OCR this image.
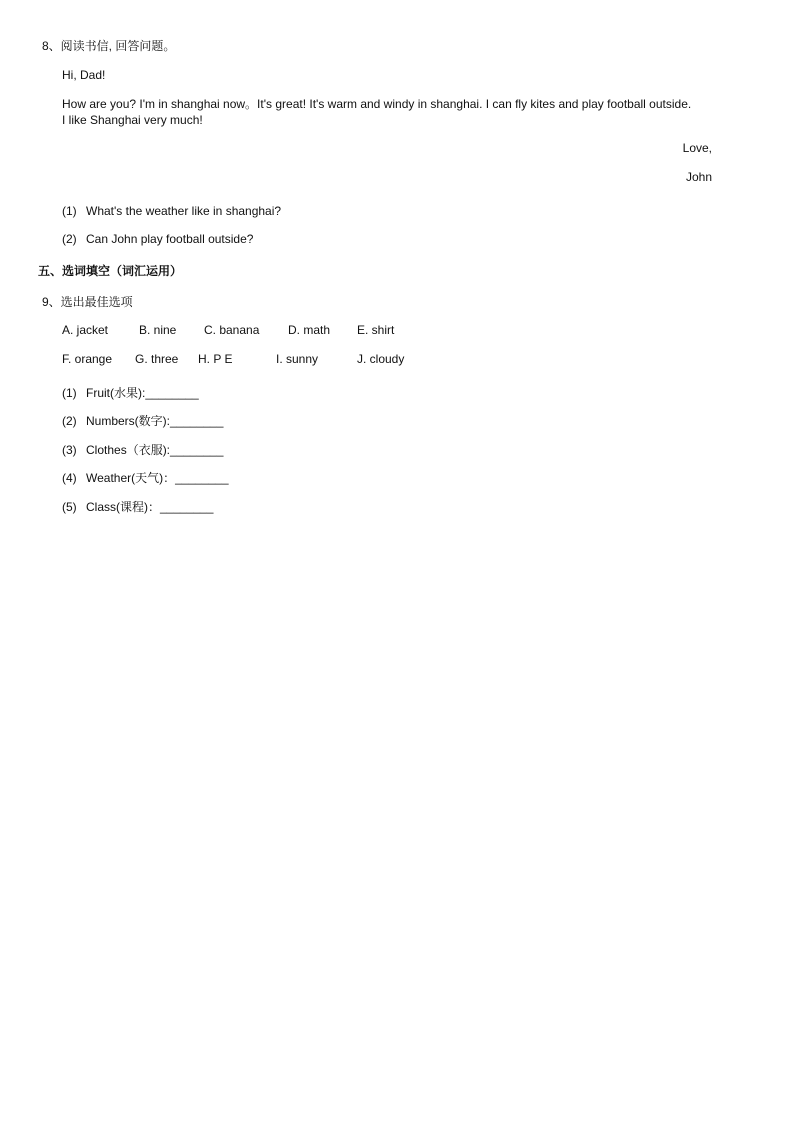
8、阅读书信, 回答问题。
Hi, Dad!
How are you? I'm in shanghai now。It's great! It's warm and windy in shanghai. I can fly kites and play football outside. I like Shanghai very much!
Love,
John
(1) What's the weather like in shanghai?
(2) Can John play football outside?
五、选词填空（词汇运用）
9、选出最佳选项
A. jacket	B. nine C. banana D. math E. shirt
F. orange G. three H. P E	I. sunny	J. cloudy
(1) Fruit(水果):________
(2) Numbers(数字):________
(3) Clothes（衣服):________
(4) Weather(天气)：________
(5) Class(课程)：________
